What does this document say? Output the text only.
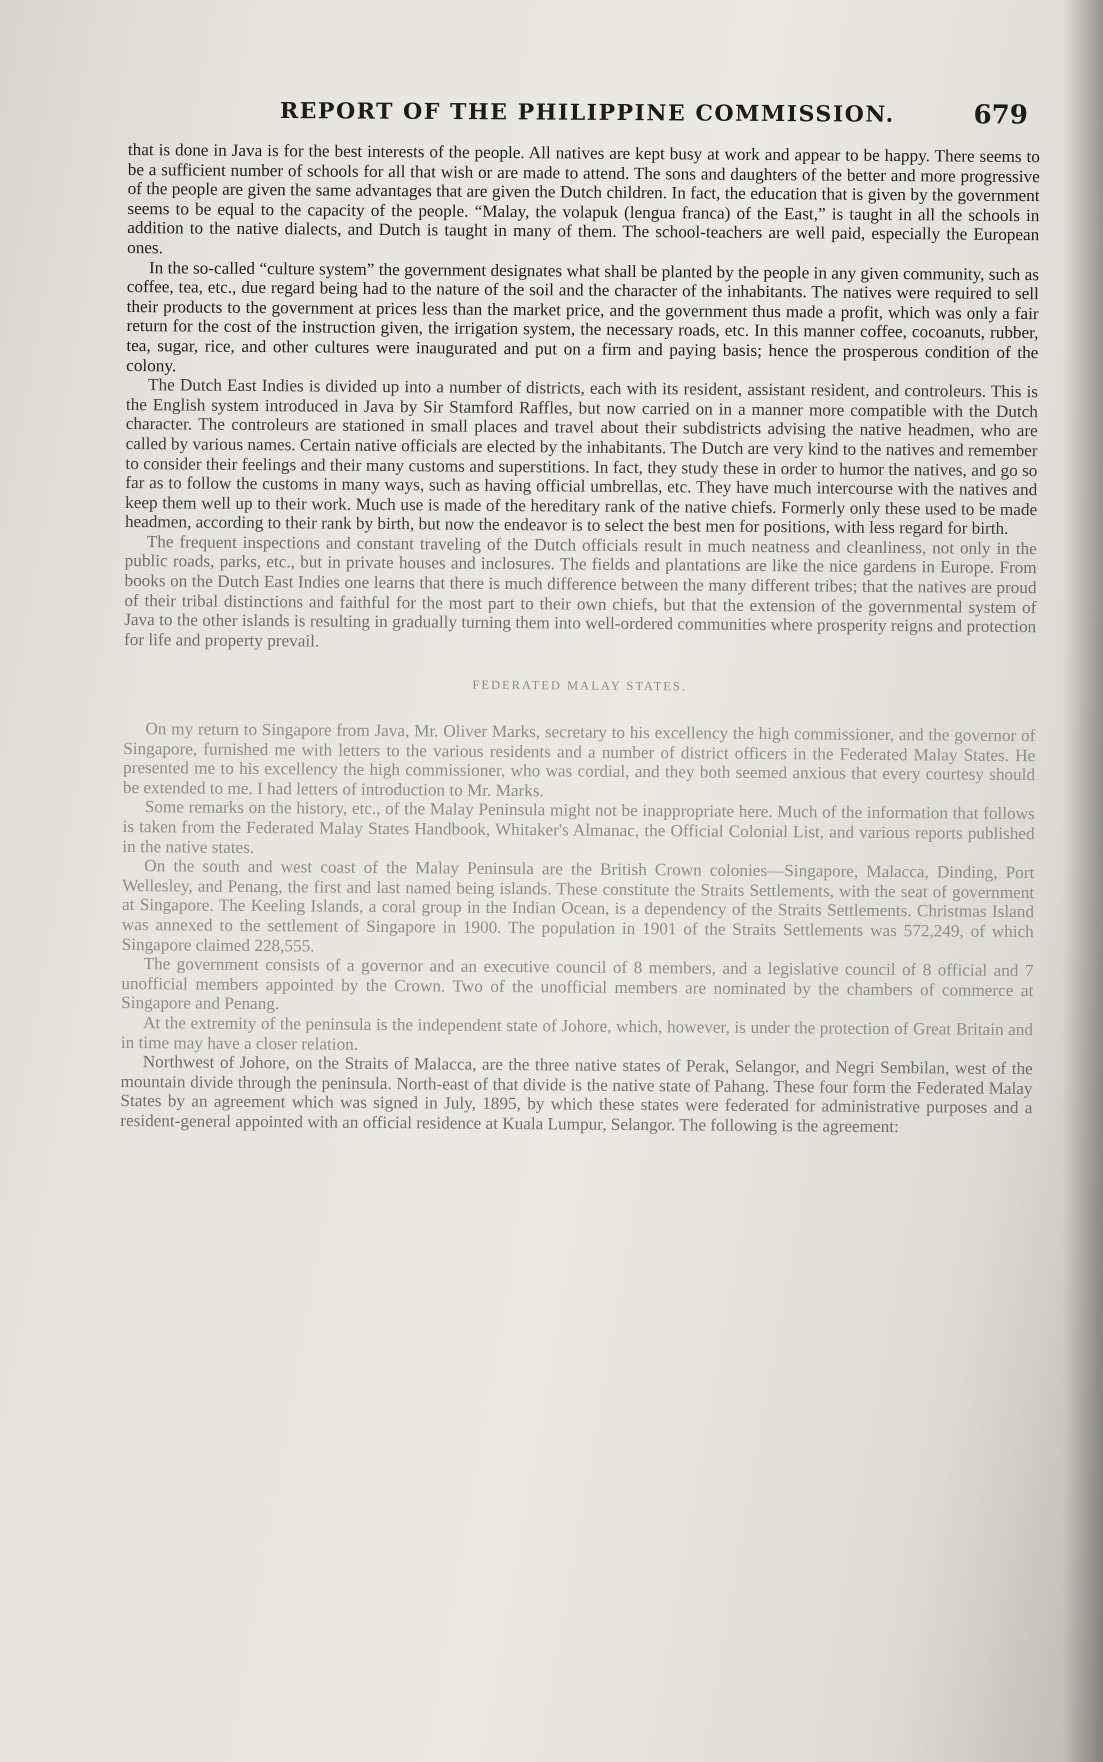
REPORT OF THE PHILIPPINE COMMISSION.	679

that is done in Java is for the best interests of the people. All natives are kept busy at work and appear to be happy. There seems to be a sufficient number of schools for all that wish or are made to attend. The sons and daughters of the better and more progressive of the people are given the same advantages that are given the Dutch children. In fact, the education that is given by the government seems to be equal to the capacity of the people. “Malay, the volapuk (lengua franca) of the East,” is taught in all the schools in addition to the native dialects, and Dutch is taught in many of them. The school-teachers are well paid, especially the European ones.

In the so-called “culture system” the government designates what shall be planted by the people in any given community, such as coffee, tea, etc., due regard being had to the nature of the soil and the character of the inhabitants. The natives were required to sell their products to the government at prices less than the market price, and the government thus made a profit, which was only a fair return for the cost of the instruction given, the irrigation system, the necessary roads, etc. In this manner coffee, cocoanuts, rubber, tea, sugar, rice, and other cultures were inaugurated and put on a firm and paying basis; hence the prosperous condition of the colony.

The Dutch East Indies is divided up into a number of districts, each with its resident, assistant resident, and controleurs. This is the English system introduced in Java by Sir Stamford Raffles, but now carried on in a manner more compatible with the Dutch character. The controleurs are stationed in small places and travel about their subdistricts advising the native headmen, who are called by various names. Certain native officials are elected by the inhabitants. The Dutch are very kind to the natives and remember to consider their feelings and their many customs and superstitions. In fact, they study these in order to humor the natives, and go so far as to follow the customs in many ways, such as having official umbrellas, etc. They have much intercourse with the natives and keep them well up to their work. Much use is made of the hereditary rank of the native chiefs. Formerly only these used to be made headmen, according to their rank by birth, but now the endeavor is to select the best men for positions, with less regard for birth.

The frequent inspections and constant traveling of the Dutch officials result in much neatness and cleanliness, not only in the public roads, parks, etc., but in private houses and inclosures. The fields and plantations are like the nice gardens in Europe. From books on the Dutch East Indies one learns that there is much difference between the many different tribes; that the natives are proud of their tribal distinctions and faithful for the most part to their own chiefs, but that the extension of the governmental system of Java to the other islands is resulting in gradually turning them into well-ordered communities where prosperity reigns and protection for life and property prevail.

FEDERATED MALAY STATES.

On my return to Singapore from Java, Mr. Oliver Marks, secretary to his excellency the high commissioner, and the governor of Singapore, furnished me with letters to the various residents and a number of district officers in the Federated Malay States. He presented me to his excellency the high commissioner, who was cordial, and they both seemed anxious that every courtesy should be extended to me. I had letters of introduction to Mr. Marks.

Some remarks on the history, etc., of the Malay Peninsula might not be inappropriate here. Much of the information that follows is taken from the Federated Malay States Handbook, Whitaker's Almanac, the Official Colonial List, and various reports published in the native states.

On the south and west coast of the Malay Peninsula are the British Crown colonies—Singapore, Malacca, Dinding, Port Wellesley, and Penang, the first and last named being islands. These constitute the Straits Settlements, with the seat of government at Singapore. The Keeling Islands, a coral group in the Indian Ocean, is a dependency of the Straits Settlements. Christmas Island was annexed to the settlement of Singapore in 1900. The population in 1901 of the Straits Settlements was 572,249, of which Singapore claimed 228,555.

The government consists of a governor and an executive council of 8 members, and a legislative council of 8 official and 7 unofficial members appointed by the Crown. Two of the unofficial members are nominated by the chambers of commerce at Singapore and Penang.

At the extremity of the peninsula is the independent state of Johore, which, however, is under the protection of Great Britain and in time may have a closer relation.

Northwest of Johore, on the Straits of Malacca, are the three native states of Perak, Selangor, and Negri Sembilan, west of the mountain divide through the peninsula. North-east of that divide is the native state of Pahang. These four form the Federated Malay States by an agreement which was signed in July, 1895, by which these states were federated for administrative purposes and a resident-general appointed with an official residence at Kuala Lumpur, Selangor. The following is the agreement:
